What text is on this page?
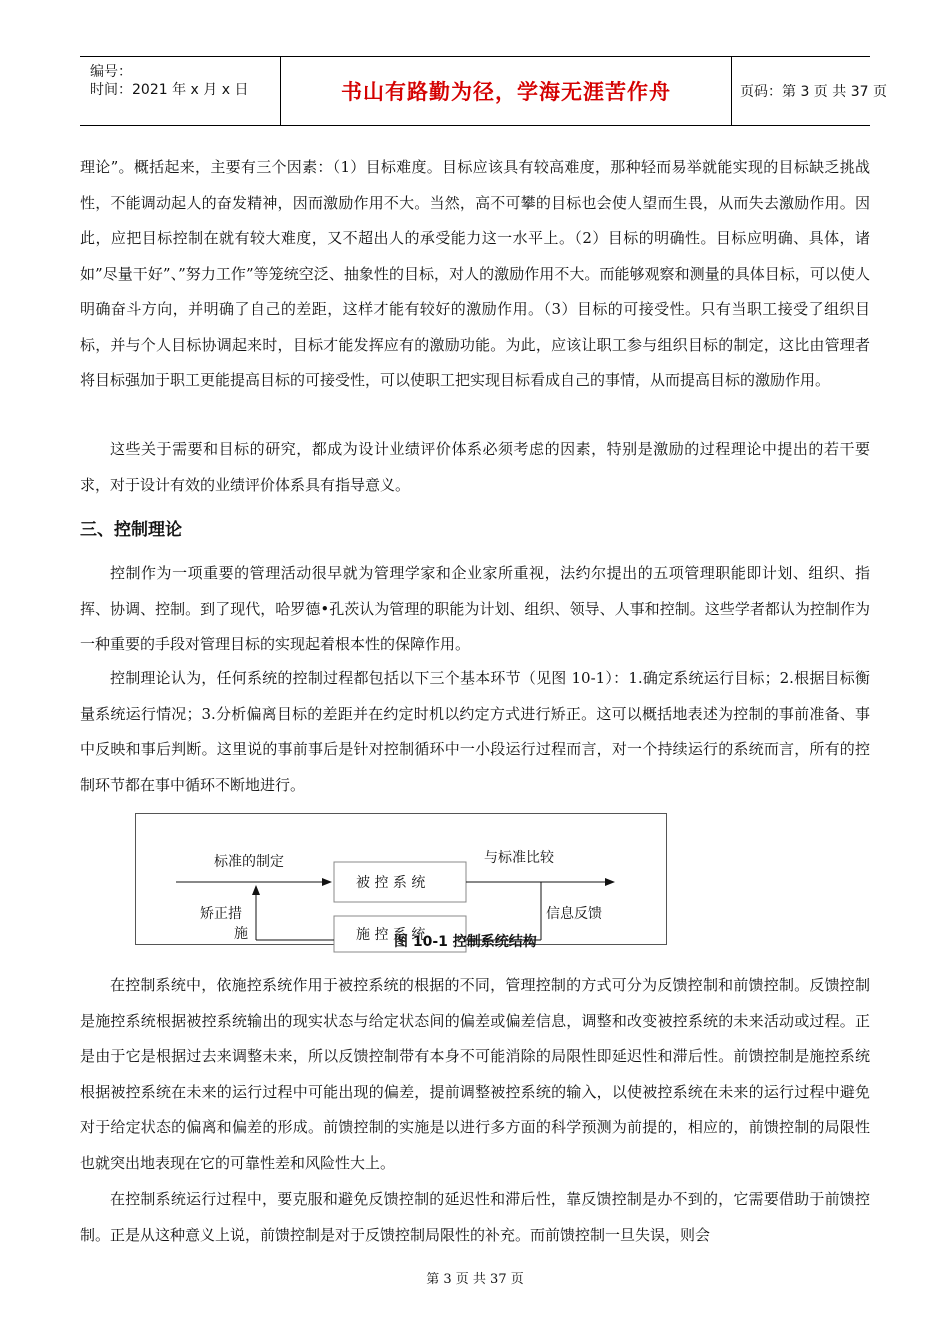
编号：
时间：2021 年 x 月 x 日	书山有路勤为径，学海无涯苦作舟	页码：第 3 页 共 37 页

理论”。概括起来，主要有三个因素：（1）目标难度。目标应该具有较高难度，那种轻而易举就能实现的目标缺乏挑战性，不能调动起人的奋发精神，因而激励作用不大。当然，高不可攀的目标也会使人望而生畏，从而失去激励作用。因此，应把目标控制在就有较大难度，又不超出人的承受能力这一水平上。（2）目标的明确性。目标应明确、具体，诸如”尽量干好”、”努力工作”等笼统空泛、抽象性的目标，对人的激励作用不大。而能够观察和测量的具体目标，可以使人明确奋斗方向，并明确了自己的差距，这样才能有较好的激励作用。（3）目标的可接受性。只有当职工接受了组织目标，并与个人目标协调起来时，目标才能发挥应有的激励功能。为此，应该让职工参与组织目标的制定，这比由管理者将目标强加于职工更能提高目标的可接受性，可以使职工把实现目标看成自己的事情，从而提高目标的激励作用。

这些关于需要和目标的研究，都成为设计业绩评价体系必须考虑的因素，特别是激励的过程理论中提出的若干要求，对于设计有效的业绩评价体系具有指导意义。

三、控制理论

控制作为一项重要的管理活动很早就为管理学家和企业家所重视，法约尔提出的五项管理职能即计划、组织、指挥、协调、控制。到了现代，哈罗德•孔茨认为管理的职能为计划、组织、领导、人事和控制。这些学者都认为控制作为一种重要的手段对管理目标的实现起着根本性的保障作用。

控制理论认为，任何系统的控制过程都包括以下三个基本环节（见图 10-1）：1.确定系统运行目标；2.根据目标衡量系统运行情况；3.分析偏离目标的差距并在约定时机以约定方式进行矫正。这可以概括地表述为控制的事前准备、事中反映和事后判断。这里说的事前事后是针对控制循环中一小段运行过程而言，对一个持续运行的系统而言，所有的控制环节都在事中循环不断地进行。

标准的制定	与标准比较
被 控 系 统
施 控 系 统
矫正措
施
信息反馈
图 10-1 控制系统结构

在控制系统中，依施控系统作用于被控系统的根据的不同，管理控制的方式可分为反馈控制和前馈控制。反馈控制是施控系统根据被控系统输出的现实状态与给定状态间的偏差或偏差信息，调整和改变被控系统的未来活动或过程。正是由于它是根据过去来调整未来，所以反馈控制带有本身不可能消除的局限性即延迟性和滞后性。前馈控制是施控系统根据被控系统在未来的运行过程中可能出现的偏差，提前调整被控系统的输入，以使被控系统在未来的运行过程中避免对于给定状态的偏离和偏差的形成。前馈控制的实施是以进行多方面的科学预测为前提的，相应的，前馈控制的局限性也就突出地表现在它的可靠性差和风险性大上。

在控制系统运行过程中，要克服和避免反馈控制的延迟性和滞后性，靠反馈控制是办不到的，它需要借助于前馈控制。正是从这种意义上说，前馈控制是对于反馈控制局限性的补充。而前馈控制一旦失误，则会

第 3 页 共 37 页
